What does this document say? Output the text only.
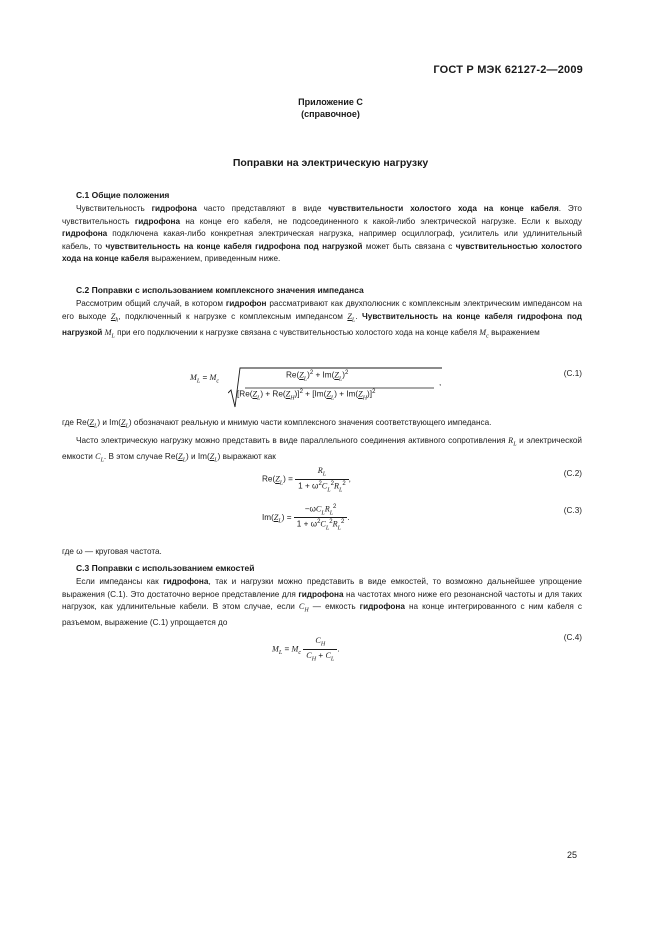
ГОСТ Р МЭК 62127-2—2009
Приложение С
(справочное)
Поправки на электрическую нагрузку
С.1 Общие положения

Чувствительность гидрофона часто представляют в виде чувствительности холостого хода на конце кабеля. Это чувствительность гидрофона на конце его кабеля, не подсоединенного к какой-либо электрической нагрузке. Если к выходу гидрофона подключена какая-либо конкретная электрическая нагрузка, например осциллограф, усилитель или удлинительный кабель, то чувствительность на конце кабеля гидрофона под нагрузкой может быть связана с чувствительностью холостого хода на конце кабеля выражением, приведенным ниже.

С.2 Поправки с использованием комплексного значения импеданса

Рассмотрим общий случай, в котором гидрофон рассматривают как двухполюсник с комплексным электрическим импедансом на его выходе $Z_h$, подключенный к нагрузке с комплексным импедансом $Z_L$. Чувствительность на конце кабеля гидрофона под нагрузкой $M_L$ при его подключении к нагрузке связана с чувствительностью холостого хода на конце кабеля $M_c$ выражением

$M_L = M_c$
$Re(Z_L)^2 + Im(Z_L)^2$
$[Re(Z_L) + Re(Z_H)]^2 + [Im(Z_L) + Im(Z_H)]^2$
,
(С.1)

где $Re(Z_L)$ и $Im(Z_L)$ обозначают реальную и мнимую части комплексного значения соответствующего импеданса.

Часто электрическую нагрузку можно представить в виде параллельного соединения активного сопротивления $R_L$ и электрической емкости $C_L$. В этом случае $Re(Z_L)$ и $Im(Z_L)$ выражают как

$Re(Z_L) = \frac{R_L}{1 + \omega^2C_L^2R_L^2}$ ,
(С.2)
$Im(Z_L) = \frac{-\omega C_LR_L^2}{1 + \omega^2C_L^2R_L^2}$ .
(С.3)

где ω — круговая частота.

С.3 Поправки с использованием емкостей

Если импедансы как гидрофона, так и нагрузки можно представить в виде емкостей, то возможно дальнейшее упрощение выражения (С.1). Это достаточно верное представление для гидрофона на частотах много ниже его резонансной частоты и для таких нагрузок, как удлинительные кабели. В этом случае, если $C_H$ — емкость гидрофона на конце интегрированного с ним кабеля с разъемом, выражение (С.1) упрощается до

$M_L = M_c \frac{C_H}{C_H + C_L}$ .
(С.4)
25
